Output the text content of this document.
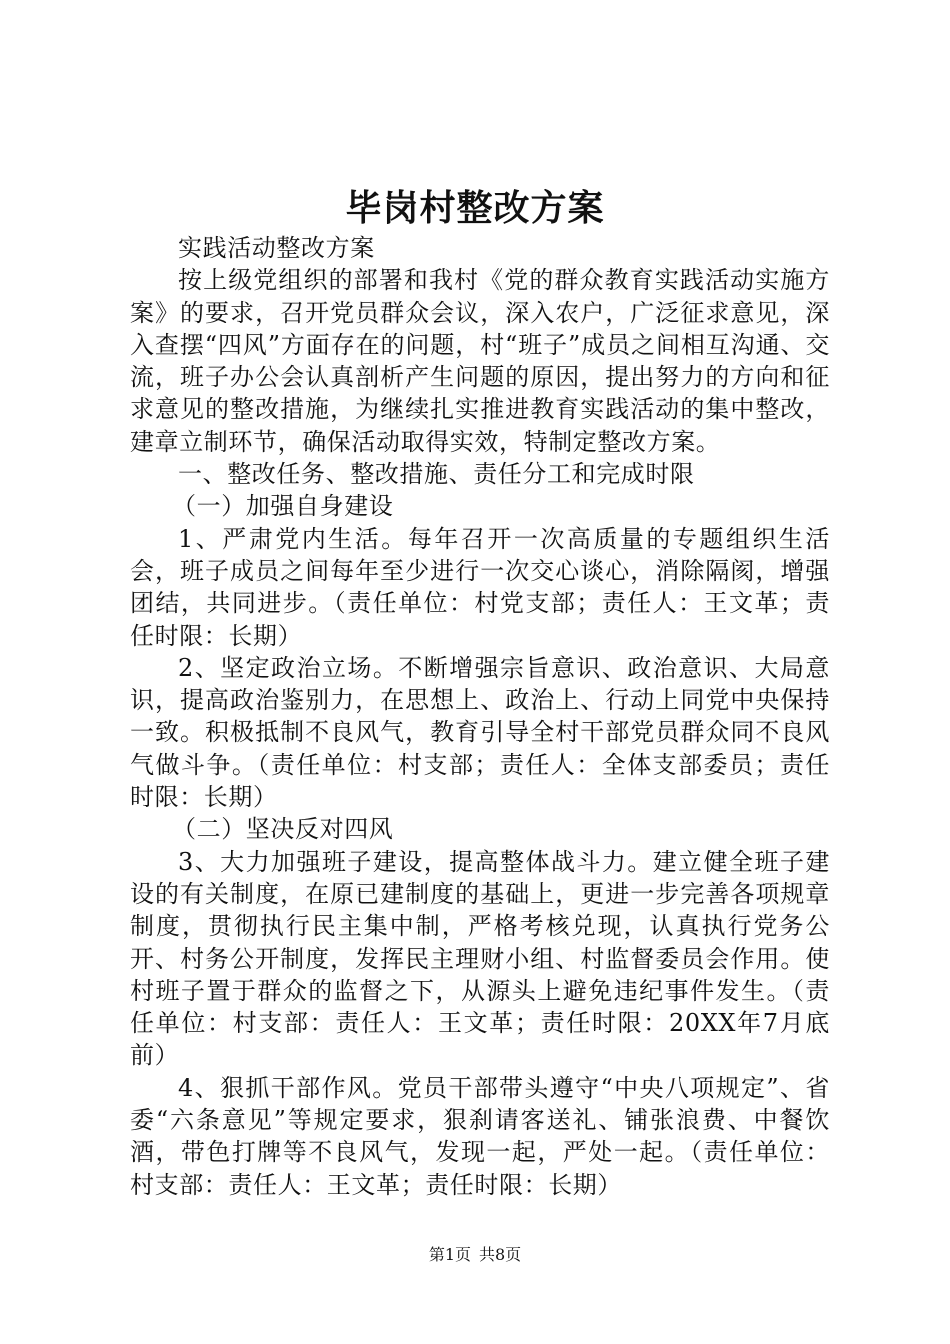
毕岗村整改方案

实践活动整改方案

按上级党组织的部署和我村《党的群众教育实践活动实施方案》的要求，召开党员群众会议，深入农户，广泛征求意见，深入查摆“四风”方面存在的问题，村“班子”成员之间相互沟通、交流，班子办公会认真剖析产生问题的原因，提出努力的方向和征求意见的整改措施，为继续扎实推进教育实践活动的集中整改，建章立制环节，确保活动取得实效，特制定整改方案。

一、整改任务、整改措施、责任分工和完成时限

（一）加强自身建设

1、严肃党内生活。每年召开一次高质量的专题组织生活会，班子成员之间每年至少进行一次交心谈心，消除隔阂，增强团结，共同进步。（责任单位：村党支部；责任人：王文革；责任时限：长期）

2、坚定政治立场。不断增强宗旨意识、政治意识、大局意识，提高政治鉴别力，在思想上、政治上、行动上同党中央保持一致。积极抵制不良风气，教育引导全村干部党员群众同不良风气做斗争。（责任单位：村支部；责任人：全体支部委员；责任时限：长期）

（二）坚决反对四风

3、大力加强班子建设，提高整体战斗力。建立健全班子建设的有关制度，在原已建制度的基础上，更进一步完善各项规章制度，贯彻执行民主集中制，严格考核兑现，认真执行党务公开、村务公开制度，发挥民主理财小组、村监督委员会作用。使村班子置于群众的监督之下，从源头上避免违纪事件发生。（责任单位：村支部：责任人：王文革；责任时限：20XX年7月底前）

4、狠抓干部作风。党员干部带头遵守“中央八项规定”、省委“六条意见”等规定要求，狠刹请客送礼、铺张浪费、中餐饮酒，带色打牌等不良风气，发现一起，严处一起。（责任单位：村支部：责任人：王文革；责任时限：长期）

第1页 共8页
